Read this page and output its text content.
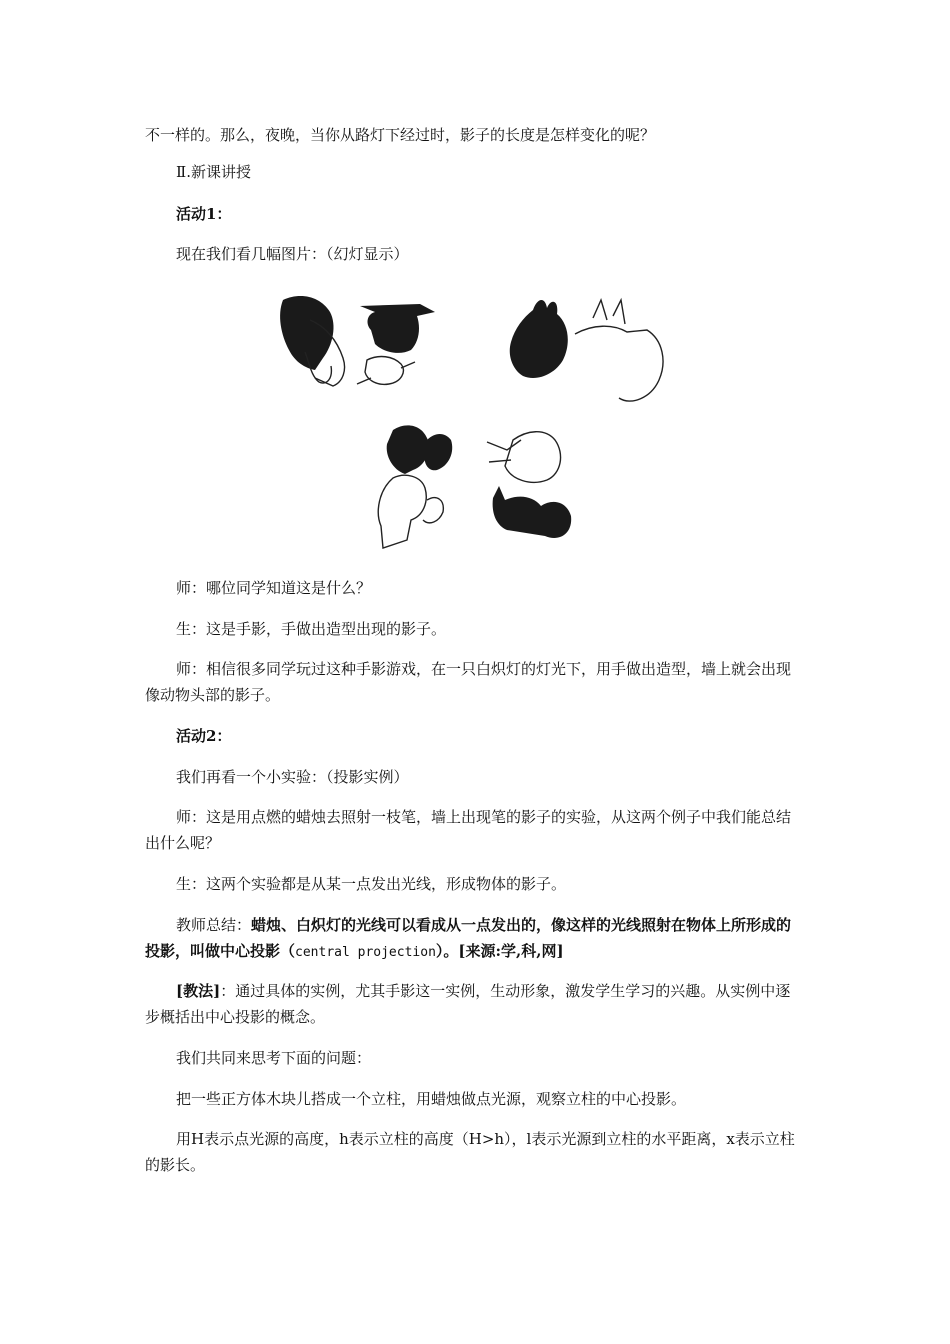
不一样的。那么，夜晚，当你从路灯下经过时，影子的长度是怎样变化的呢？

Ⅱ.新课讲授

活动1：

现在我们看几幅图片：（幻灯显示）

师：哪位同学知道这是什么？

生：这是手影，手做出造型出现的影子。

师：相信很多同学玩过这种手影游戏，在一只白炽灯的灯光下，用手做出造型，墙上就会出现像动物头部的影子。

活动2：

我们再看一个小实验：（投影实例）

师：这是用点燃的蜡烛去照射一枝笔，墙上出现笔的影子的实验，从这两个例子中我们能总结出什么呢？

生：这两个实验都是从某一点发出光线，形成物体的影子。

教师总结：蜡烛、白炽灯的光线可以看成从一点发出的，像这样的光线照射在物体上所形成的投影，叫做中心投影（central projection）。[来源:学,科,网]

[教法]：通过具体的实例，尤其手影这一实例，生动形象，激发学生学习的兴趣。从实例中逐步概括出中心投影的概念。

我们共同来思考下面的问题：

把一些正方体木块儿搭成一个立柱，用蜡烛做点光源，观察立柱的中心投影。

用H表示点光源的高度，h表示立柱的高度（H>h），l表示光源到立柱的水平距离，x表示立柱的影长。
